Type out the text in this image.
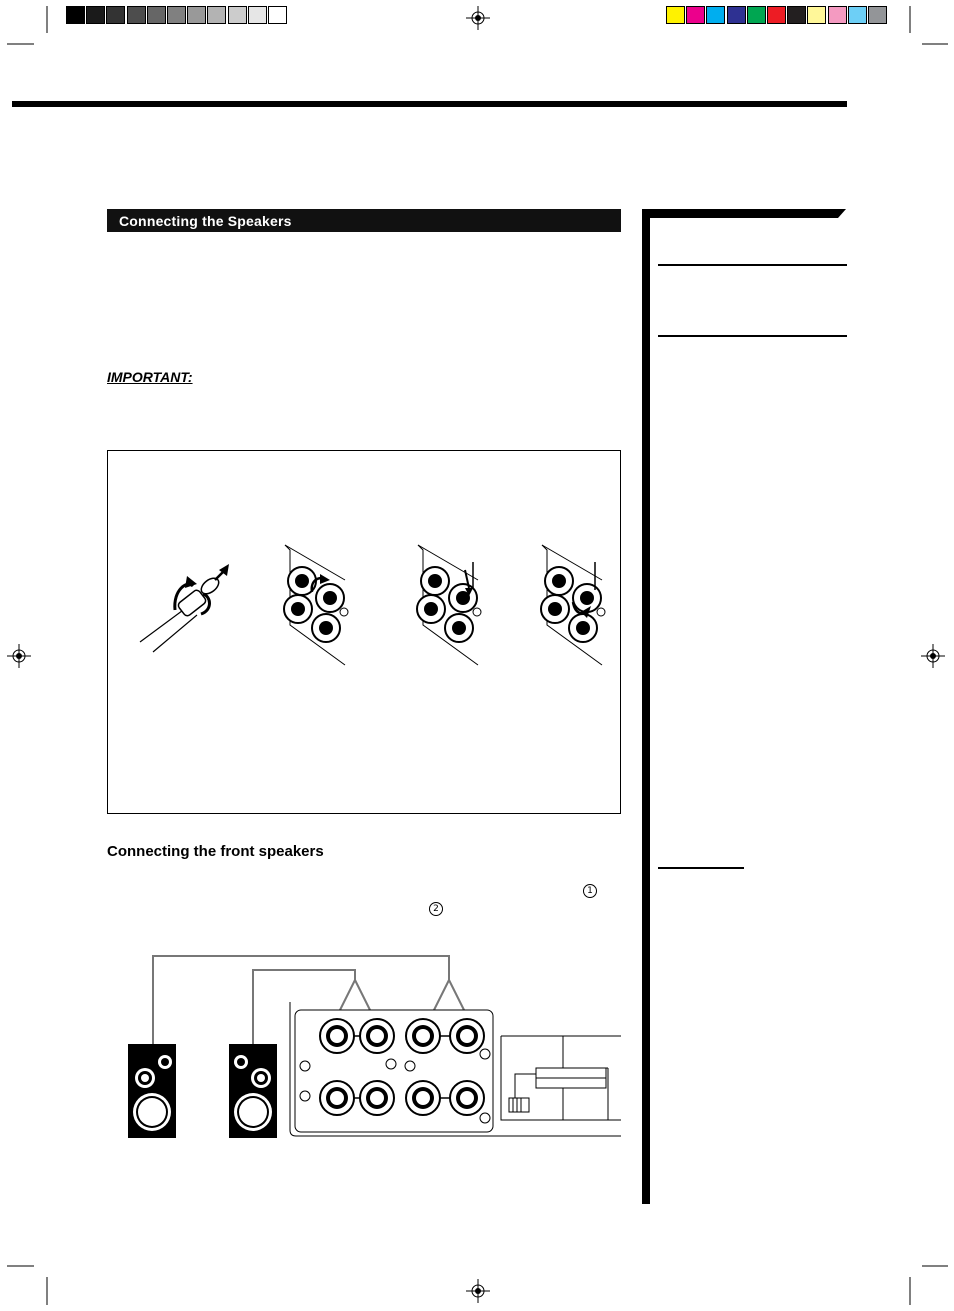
Connecting the Speakers
IMPORTANT:
Connecting the front speakers
1
2
